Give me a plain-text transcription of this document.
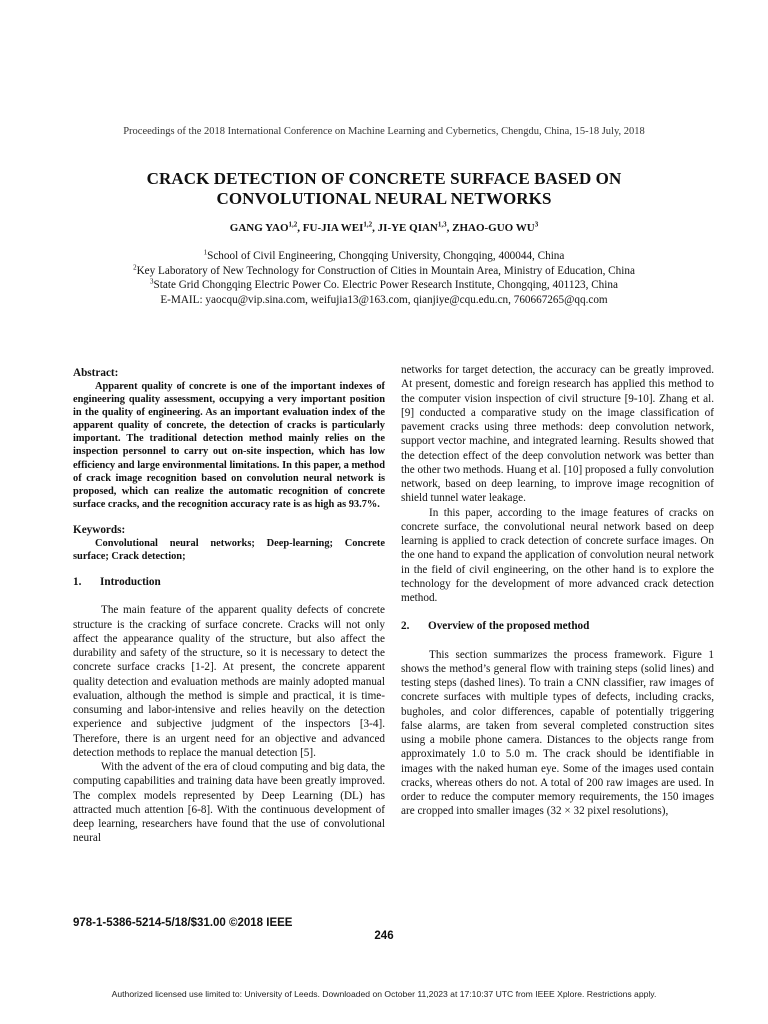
Proceedings of the 2018 International Conference on Machine Learning and Cybernetics, Chengdu, China, 15-18 July, 2018
CRACK DETECTION OF CONCRETE SURFACE BASED ON
CONVOLUTIONAL NEURAL NETWORKS
GANG YAO$^{1,2}$, FU-JIA WEI$^{1,2}$, JI-YE QIAN$^{1,3}$, ZHAO-GUO $WU^3$
$^1$School of Civil Engineering, Chongqing University, Chongqing, 400044, China
$^2$Key Laboratory of New Technology for Construction of Cities in Mountain Area, Ministry of Education, China
$^3$State Grid Chongqing Electric Power Co. Electric Power Research Institute, Chongqing, 401123, China
E-MAIL: yaocqu@vip.sina.com, weifujia13@163.com, qianjiye@cqu.edu.cn, 760667265@qq.com
Abstract:

Apparent quality of concrete is one of the important indexes of engineering quality assessment, occupying a very important position in the quality of engineering. As an important evaluation index of the apparent quality of concrete, the detection of cracks is particularly important. The traditional detection method mainly relies on the inspection personnel to carry out on-site inspection, which has low efficiency and large environmental limitations. In this paper, a method of crack image recognition based on convolution neural network is proposed, which can realize the automatic recognition of concrete surface cracks, and the recognition accuracy rate is as high as 93.7%.

Keywords:

Convolutional neural networks; Deep-learning; Concrete surface; Crack detection;

1. Introduction

The main feature of the apparent quality defects of concrete structure is the cracking of surface concrete. Cracks will not only affect the appearance quality of the structure, but also affect the durability and safety of the structure, so it is necessary to detect the concrete surface cracks [1-2]. At present, the concrete apparent quality detection and evaluation methods are mainly adopted manual evaluation, although the method is simple and practical, it is time-consuming and labor-intensive and relies heavily on the detection experience and subjective judgment of the inspectors [3-4]. Therefore, there is an urgent need for an objective and advanced detection methods to replace the manual detection [5].

With the advent of the era of cloud computing and big data, the computing capabilities and training data have been greatly improved. The complex models represented by Deep Learning (DL) has attracted much attention [6-8]. With the continuous development of deep learning, researchers have found that the use of convolutional neural

networks for target detection, the accuracy can be greatly improved. At present, domestic and foreign research has applied this method to the computer vision inspection of civil structure [9-10]. Zhang et al. [9] conducted a comparative study on the image classification of pavement cracks using three methods: deep convolution network, support vector machine, and integrated learning. Results showed that the detection effect of the deep convolution network was better than the other two methods. Huang et al. [10] proposed a fully convolution network, based on deep learning, to improve image recognition of shield tunnel water leakage.

In this paper, according to the image features of cracks on concrete surface, the convolutional neural network based on deep learning is applied to crack detection of concrete surface images. On the one hand to expand the application of convolution neural network in the field of civil engineering, on the other hand is to explore the technology for the development of more advanced crack detection method.

2. Overview of the proposed method

This section summarizes the process framework. Figure 1 shows the method’s general flow with training steps (solid lines) and testing steps (dashed lines). To train a CNN classifier, raw images of concrete surfaces with multiple types of defects, including cracks, bugholes, and color differences, capable of potentially triggering false alarms, are taken from several completed construction sites using a mobile phone camera. Distances to the objects range from approximately 1.0 to 5.0 m. The crack should be identifiable in images with the naked human eye. Some of the images used contain cracks, whereas others do not. A total of 200 raw images are used. In order to reduce the computer memory requirements, the 150 images are cropped into smaller images (32 × 32 pixel resolutions),

978-1-5386-5214-5/18/$31.00 ©2018 IEEE
246
Authorized licensed use limited to: University of Leeds. Downloaded on October 11,2023 at 17:10:37 UTC from IEEE Xplore. Restrictions apply.
